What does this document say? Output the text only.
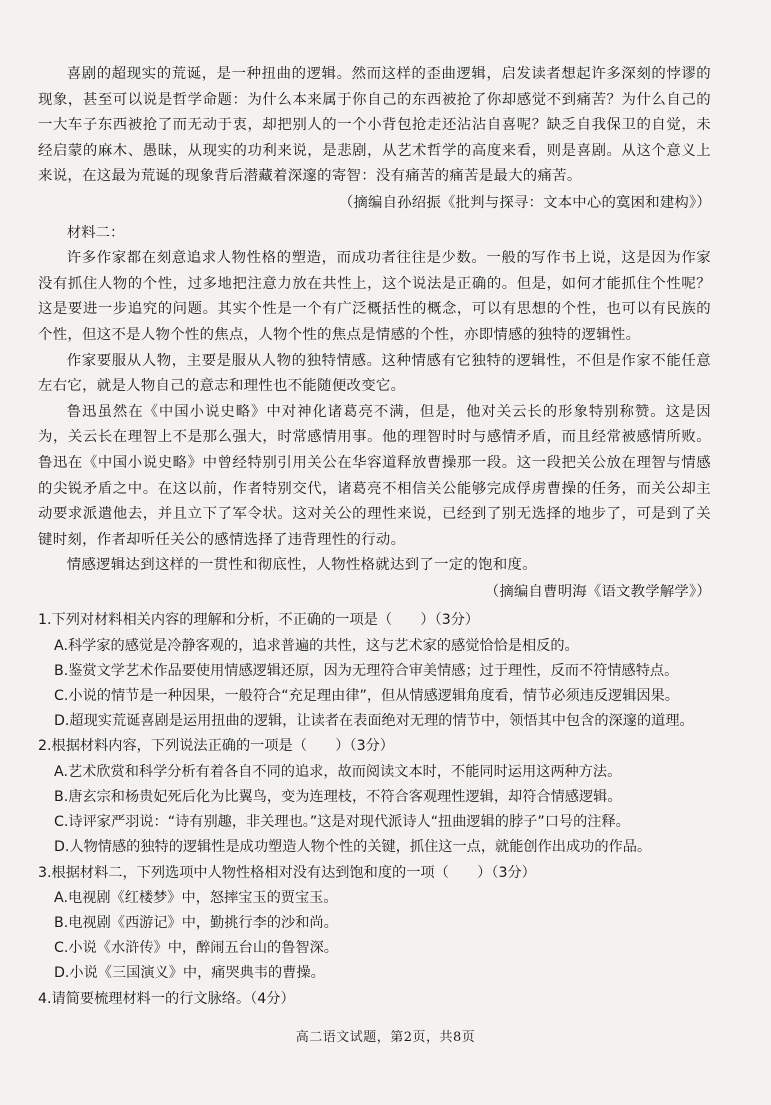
喜剧的超现实的荒诞，是一种扭曲的逻辑。然而这样的歪曲逻辑，启发读者想起许多深刻的悖谬的现象，甚至可以说是哲学命题：为什么本来属于你自己的东西被抢了你却感觉不到痛苦？为什么自己的一大车子东西被抢了而无动于衷，却把别人的一个小背包抢走还沾沾自喜呢？缺乏自我保卫的自觉，未经启蒙的麻木、愚昧，从现实的功利来说，是悲剧，从艺术哲学的高度来看，则是喜剧。从这个意义上来说，在这最为荒诞的现象背后潜藏着深邃的寄智：没有痛苦的痛苦是最大的痛苦。

（摘编自孙绍振《批判与探寻：文本中心的寞困和建构》）

材料二：

许多作家都在刻意追求人物性格的塑造，而成功者往往是少数。一般的写作书上说，这是因为作家没有抓住人物的个性，过多地把注意力放在共性上，这个说法是正确的。但是，如何才能抓住个性呢？这是要进一步追究的问题。其实个性是一个有广泛概括性的概念，可以有思想的个性，也可以有民族的个性，但这不是人物个性的焦点，人物个性的焦点是情感的个性，亦即情感的独特的逻辑性。

作家要服从人物，主要是服从人物的独特情感。这种情感有它独特的逻辑性，不但是作家不能任意左右它，就是人物自己的意志和理性也不能随便改变它。

鲁迅虽然在《中国小说史略》中对神化诸葛亮不满，但是，他对关云长的形象特别称赞。这是因为，关云长在理智上不是那么强大，时常感情用事。他的理智时时与感情矛盾，而且经常被感情所败。鲁迅在《中国小说史略》中曾经特别引用关公在华容道释放曹操那一段。这一段把关公放在理智与情感的尖锐矛盾之中。在这以前，作者特别交代，诸葛亮不相信关公能够完成俘虏曹操的任务，而关公却主动要求派遣他去，并且立下了军令状。这对关公的理性来说，已经到了别无选择的地步了，可是到了关键时刻，作者却听任关公的感情选择了违背理性的行动。

情感逻辑达到这样的一贯性和彻底性，人物性格就达到了一定的饱和度。

（摘编自曹明海《语文教学解学》）

1.下列对材料相关内容的理解和分析，不正确的一项是（　　）（3分）

A.科学家的感觉是冷静客观的，追求普遍的共性，这与艺术家的感觉恰恰是相反的。

B.鉴赏文学艺术作品要使用情感逻辑还原，因为无理符合审美情感；过于理性，反而不符情感特点。

C.小说的情节是一种因果，一般符合“充足理由律”，但从情感逻辑角度看，情节必须违反逻辑因果。

D.超现实荒诞喜剧是运用扭曲的逻辑，让读者在表面绝对无理的情节中，领悟其中包含的深邃的道理。

2.根据材料内容，下列说法正确的一项是（　　）（3分）

A.艺术欣赏和科学分析有着各自不同的追求，故而阅读文本时，不能同时运用这两种方法。

B.唐玄宗和杨贵妃死后化为比翼鸟，变为连理枝，不符合客观理性逻辑，却符合情感逻辑。

C.诗评家严羽说：“诗有别趣，非关理也。”这是对现代派诗人“扭曲逻辑的脖子”口号的注释。

D.人物情感的独特的逻辑性是成功塑造人物个性的关键，抓住这一点，就能创作出成功的作品。

3.根据材料二，下列选项中人物性格相对没有达到饱和度的一项（　　）（3分）

A.电视剧《红楼梦》中，怒摔宝玉的贾宝玉。

B.电视剧《西游记》中，勤挑行李的沙和尚。

C.小说《水浒传》中，醉闹五台山的鲁智深。

D.小说《三国演义》中，痛哭典韦的曹操。

4.请简要梳理材料一的行文脉络。（4分）

高二语文试题，第2页，共8页
